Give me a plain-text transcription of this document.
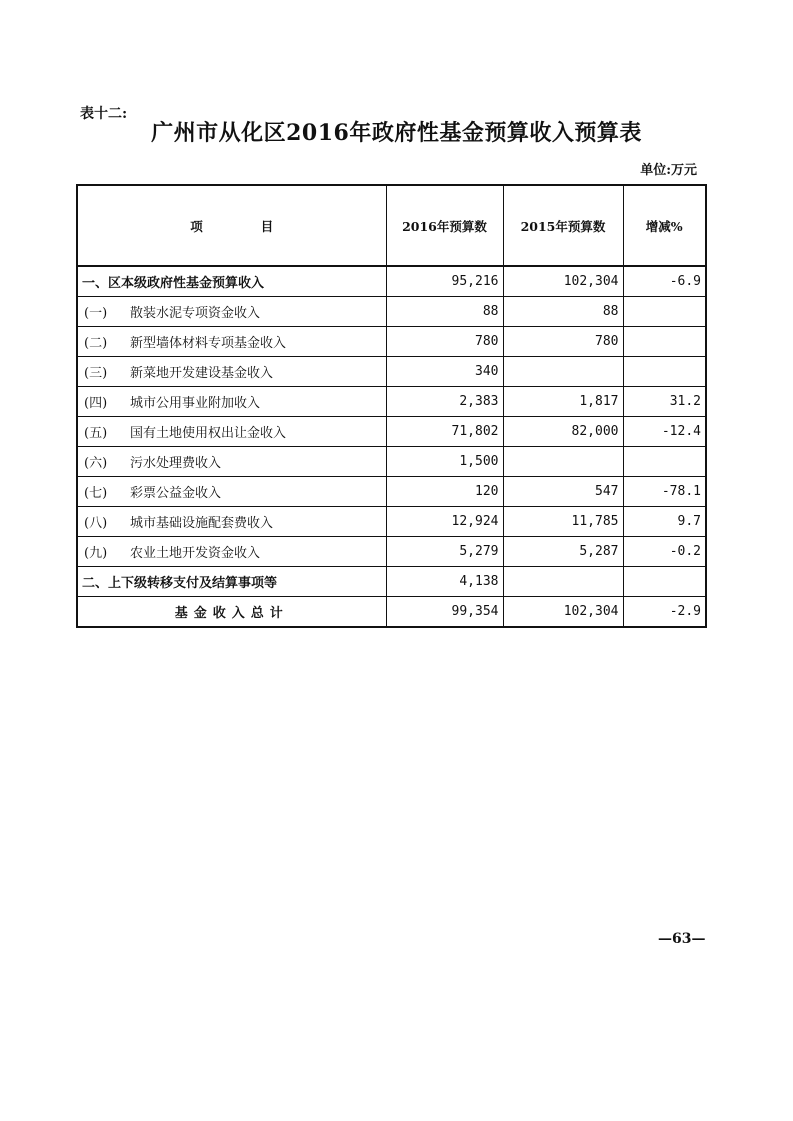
表十二:
广州市从化区2016年政府性基金预算收入预算表
单位:万元
项 目	2016年预算数	2015年预算数	增减%
一、区本级政府性基金预算收入	95,216	102,304	-6.9
(一) 散装水泥专项资金收入	88	88	
(二) 新型墙体材料专项基金收入	780	780	
(三) 新菜地开发建设基金收入	340		
(四) 城市公用事业附加收入	2,383	1,817	31.2
(五) 国有土地使用权出让金收入	71,802	82,000	-12.4
(六) 污水处理费收入	1,500		
(七) 彩票公益金收入	120	547	-78.1
(八) 城市基础设施配套费收入	12,924	11,785	9.7
(九) 农业土地开发资金收入	5,279	5,287	-0.2
二、上下级转移支付及结算事项等	4,138		
基金收入总计	99,354	102,304	-2.9
—63—
